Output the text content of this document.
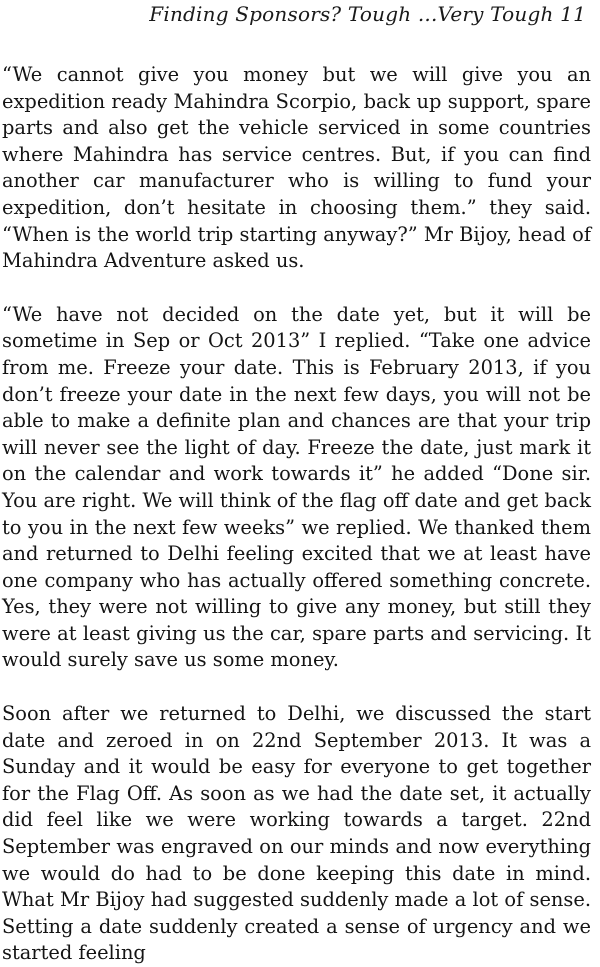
Finding Sponsors? Tough ...Very Tough 11

“We cannot give you money but we will give you an expedition ready Mahindra Scorpio, back up support, spare parts and also get the vehicle serviced in some countries where Mahindra has service centres. But, if you can find another car manufacturer who is willing to fund your expedition, don’t hesitate in choosing them.” they said. “When is the world trip starting anyway?” Mr Bijoy, head of Mahindra Adventure asked us.

“We have not decided on the date yet, but it will be sometime in Sep or Oct 2013” I replied. “Take one advice from me. Freeze your date. This is February 2013, if you don’t freeze your date in the next few days, you will not be able to make a definite plan and chances are that your trip will never see the light of day. Freeze the date, just mark it on the calendar and work towards it” he added “Done sir. You are right. We will think of the flag off date and get back to you in the next few weeks” we replied. We thanked them and returned to Delhi feeling excited that we at least have one company who has actually offered something concrete. Yes, they were not willing to give any money, but still they were at least giving us the car, spare parts and servicing. It would surely save us some money.

Soon after we returned to Delhi, we discussed the start date and zeroed in on 22nd September 2013. It was a Sunday and it would be easy for everyone to get together for the Flag Off. As soon as we had the date set, it actually did feel like we were working towards a target. 22nd September was engraved on our minds and now everything we would do had to be done keeping this date in mind. What Mr Bijoy had suggested suddenly made a lot of sense. Setting a date suddenly created a sense of urgency and we started feeling
